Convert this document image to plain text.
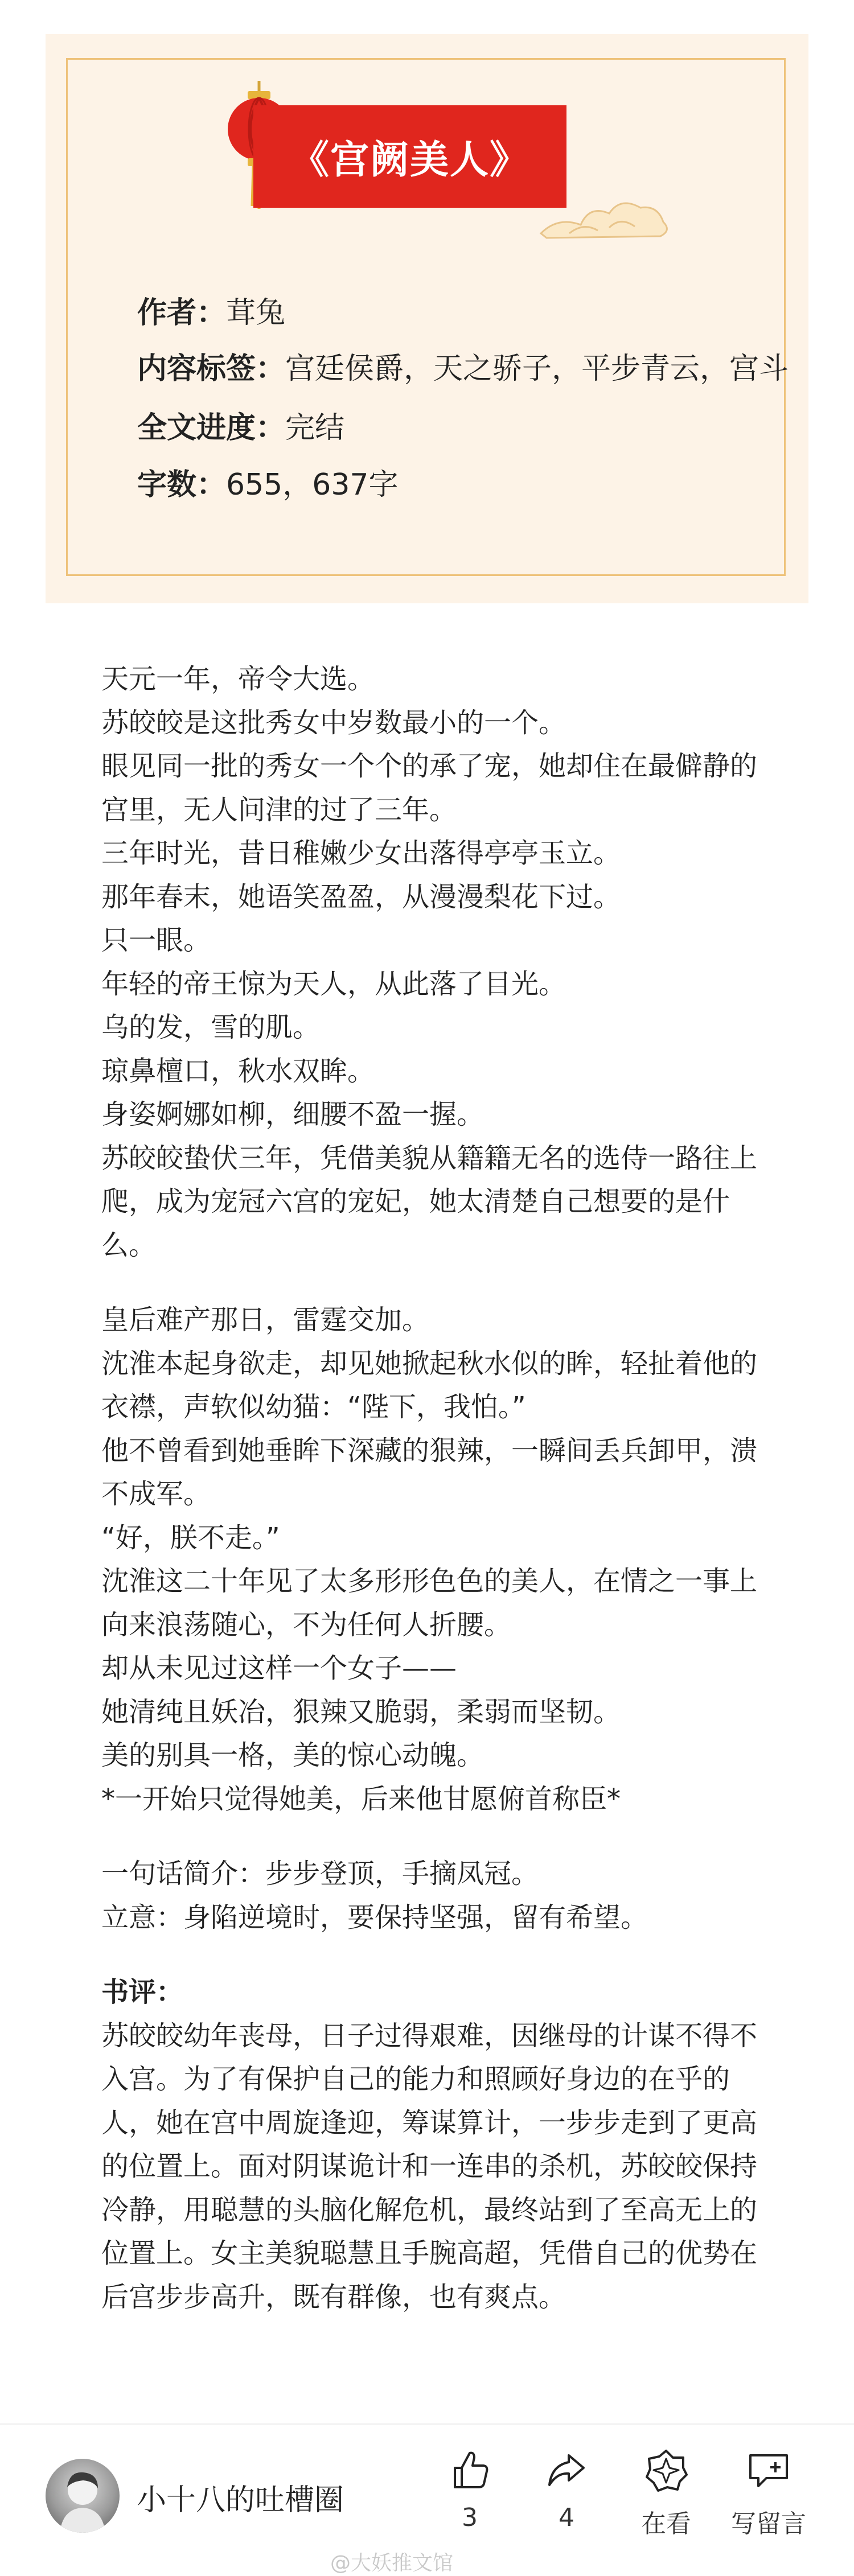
《宫阙美人》
作者：茸兔
内容标签：宫廷侯爵，天之骄子，平步青云，宫斗
全文进度：完结
字数：655，637字

天元一年，帝令大选。

苏皎皎是这批秀女中岁数最小的一个。

眼见同一批的秀女一个个的承了宠，她却住在最僻静的宫里，无人问津的过了三年。

三年时光，昔日稚嫩少女出落得亭亭玉立。

那年春末，她语笑盈盈，从漫漫梨花下过。

只一眼。

年轻的帝王惊为天人，从此落了目光。

乌的发，雪的肌。

琼鼻檀口，秋水双眸。

身姿婀娜如柳，细腰不盈一握。

苏皎皎蛰伏三年，凭借美貌从籍籍无名的选侍一路往上爬，成为宠冠六宫的宠妃，她太清楚自己想要的是什么。

皇后难产那日，雷霆交加。

沈淮本起身欲走，却见她掀起秋水似的眸，轻扯着他的衣襟，声软似幼猫：“陛下，我怕。”

他不曾看到她垂眸下深藏的狠辣，一瞬间丢兵卸甲，溃不成军。

“好，朕不走。”

沈淮这二十年见了太多形形色色的美人，在情之一事上向来浪荡随心，不为任何人折腰。

却从未见过这样一个女子——

她清纯且妖冶，狠辣又脆弱，柔弱而坚韧。

美的别具一格，美的惊心动魄。

*一开始只觉得她美，后来他甘愿俯首称臣*

一句话简介：步步登顶，手摘凤冠。

立意：身陷逆境时，要保持坚强，留有希望。

书评：

苏皎皎幼年丧母，日子过得艰难，因继母的计谋不得不入宫。为了有保护自己的能力和照顾好身边的在乎的人，她在宫中周旋逢迎，筹谋算计，一步步走到了更高的位置上。面对阴谋诡计和一连串的杀机，苏皎皎保持冷静，用聪慧的头脑化解危机，最终站到了至高无上的位置上。女主美貌聪慧且手腕高超，凭借自己的优势在后宫步步高升，既有群像，也有爽点。

小十八的吐槽圈
3	4	在看	写留言
@大妖推文馆
